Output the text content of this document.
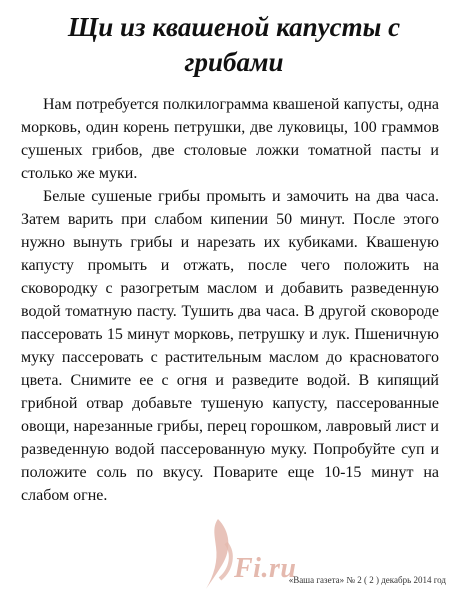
Щи из квашеной капусты с грибами

Нам потребуется полкилограмма квашеной капусты, одна морковь, один корень петрушки, две луковицы, 100 граммов сушеных грибов, две столовые ложки томатной пасты и столько же муки.

Белые сушеные грибы промыть и замочить на два часа. Затем варить при слабом кипении 50 минут. После этого нужно вынуть грибы и нарезать их кубиками. Квашеную капусту промыть и отжать, после чего положить на сковородку с разогретым маслом и добавить разведенную водой томатную пасту. Тушить два часа. В другой сковороде пассеровать 15 минут морковь, петрушку и лук. Пшеничную муку пассеровать с растительным маслом до красноватого цвета. Снимите ее с огня и разведите водой. В кипящий грибной отвар добавьте тушеную капусту, пассерованные овощи, нарезанные грибы, перец горошком, лавровый лист и разведенную водой пассерованную муку. Попробуйте суп и положите соль по вкусу. Поварите еще 10-15 минут на слабом огне.

Fi.ru
«Ваша газета» № 2 ( 2 ) декабрь 2014 год
